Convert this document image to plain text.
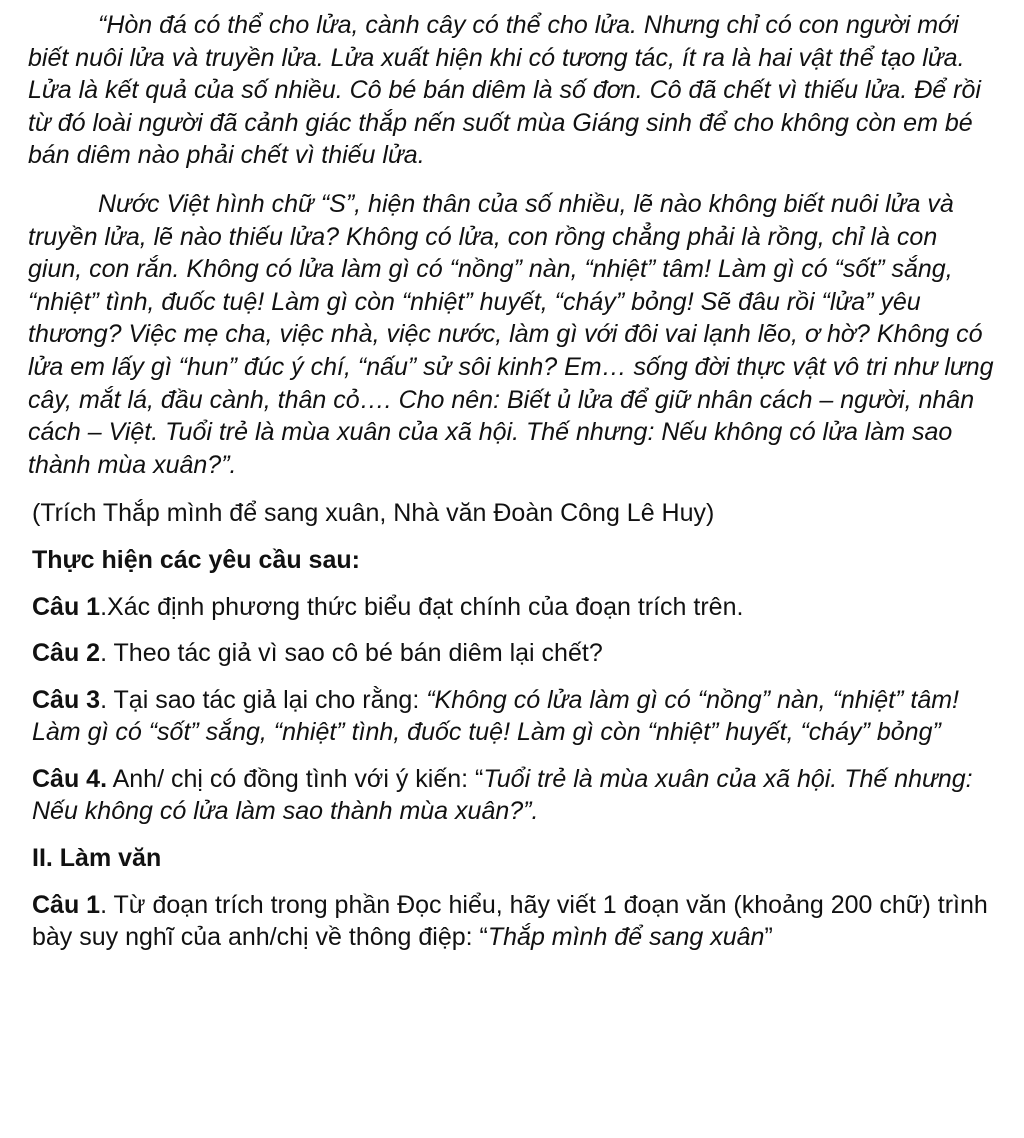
“Hòn đá có thể cho lửa, cành cây có thể cho lửa. Nhưng chỉ có con người mới biết nuôi lửa và truyền lửa. Lửa xuất hiện khi có tương tác, ít ra là hai vật thể tạo lửa. Lửa là kết quả của số nhiều. Cô bé bán diêm là số đơn. Cô đã chết vì thiếu lửa. Để rồi từ đó loài người đã cảnh giác thắp nến suốt mùa Giáng sinh để cho không còn em bé bán diêm nào phải chết vì thiếu lửa.

Nước Việt hình chữ “S”, hiện thân của số nhiều, lẽ nào không biết nuôi lửa và truyền lửa, lẽ nào thiếu lửa? Không có lửa, con rồng chẳng phải là rồng, chỉ là con giun, con rắn. Không có lửa làm gì có “nồng” nàn, “nhiệt” tâm! Làm gì có “sốt” sắng, “nhiệt” tình, đuốc tuệ! Làm gì còn “nhiệt” huyết, “cháy” bỏng! Sẽ đâu rồi “lửa” yêu thương? Việc mẹ cha, việc nhà, việc nước, làm gì với đôi vai lạnh lẽo, ơ hờ? Không có lửa em lấy gì “hun” đúc ý chí, “nấu” sử sôi kinh? Em… sống đời thực vật vô tri như lưng cây, mắt lá, đầu cành, thân cỏ…. Cho nên: Biết ủ lửa để giữ nhân cách – người, nhân cách – Việt. Tuổi trẻ là mùa xuân của xã hội. Thế nhưng: Nếu không có lửa làm sao thành mùa xuân?”.

(Trích Thắp mình để sang xuân, Nhà văn Đoàn Công Lê Huy)

Thực hiện các yêu cầu sau:

Câu 1.Xác định phương thức biểu đạt chính của đoạn trích trên.

Câu 2. Theo tác giả vì sao cô bé bán diêm lại chết?

Câu 3. Tại sao tác giả lại cho rằng: “Không có lửa làm gì có “nồng” nàn, “nhiệt” tâm! Làm gì có “sốt” sắng, “nhiệt” tình, đuốc tuệ! Làm gì còn “nhiệt” huyết, “cháy” bỏng”

Câu 4. Anh/ chị có đồng tình với ý kiến: “Tuổi trẻ là mùa xuân của xã hội. Thế nhưng: Nếu không có lửa làm sao thành mùa xuân?”.

II. Làm văn

Câu 1. Từ đoạn trích trong phần Đọc hiểu, hãy viết 1 đoạn văn (khoảng 200 chữ) trình bày suy nghĩ của anh/chị về thông điệp: “Thắp mình để sang xuân”
